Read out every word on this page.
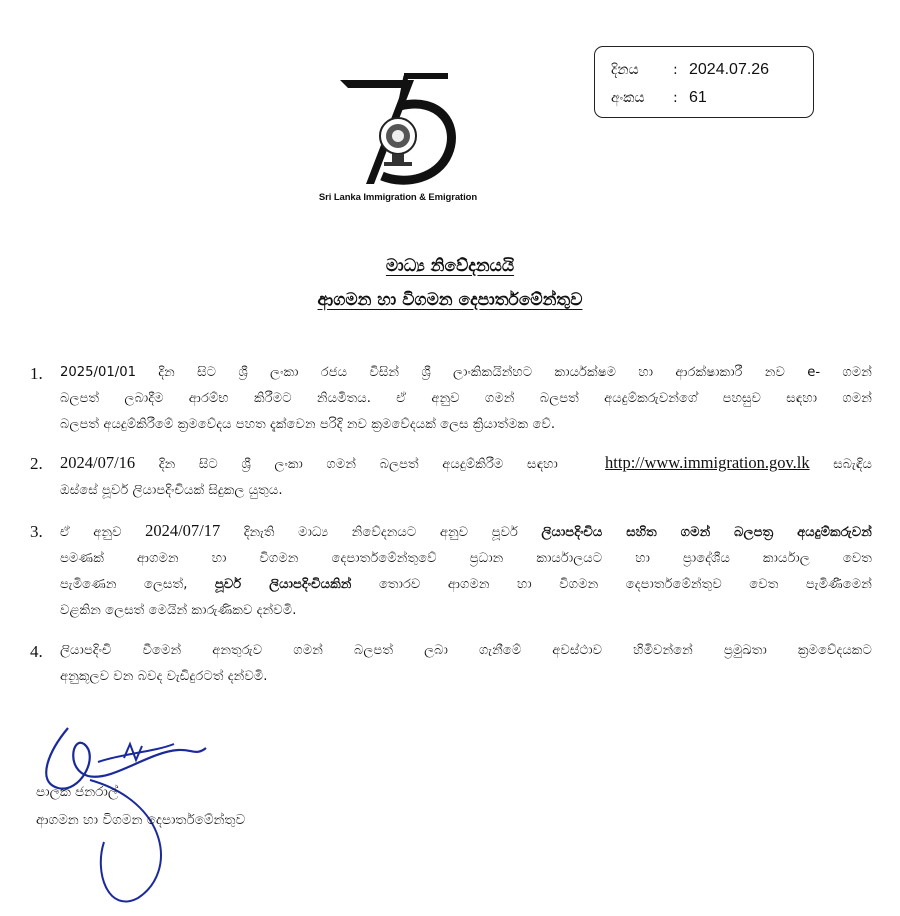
Sri Lanka Immigration & Emigration
දිනය : 2024.07.26
අංකය : 61
මාධ්‍ය නිවේදනයයි
ආගමන හා විගමන දෙපාර්තමේන්තුව
1. 2025/01/01 දින සිට ශ්‍රී ලංකා රජය විසින් ශ්‍රී ලාංකිකයින්හට කාර්යක්ෂම හා ආරක්ෂාකාරී නව e- ගමන්
බලපත් ලබාදීම ආරම්භ කිරීමට නියමිතය. ඒ අනුව ගමන් බලපත් අයදුම්කරුවන්ගේ පහසුව සඳහා ගමන්
බලපත් අයදුම්කිරීමේ ක්‍රමවේදය පහත දැක්වෙන පරිදි නව ක්‍රමවේදයක් ලෙස ක්‍රියාත්මක වේ.
2. 2024/07/16 දින සිට ශ්‍රී ලංකා ගමන් බලපත් අයදුම්කිරීම සඳහා	http://www.immigration.gov.lk සබැඳිය
ඔස්සේ පූර්ව ලියාපදිංචියක් සිදුකල යුතුය.
3. ඒ අනුව 2024/07/17 දිනැති මාධ්‍ය නිවේදනයට අනුව පූර්ව ලියාපදිංචිය සහිත ගමන් බලපත්‍ර අයදුම්කරුවන්
පමණක් ආගමන හා විගමන දෙපාර්තමේන්තුවේ ප්‍රධාන කාර්යාලයට හා ප්‍රාදේශීය කාර්යාල වෙත
පැමිණෙන ලෙසත්, පූර්ව ලියාපදිංචියකින් තොරව ආගමන හා විගමන දෙපාර්තමේන්තුව වෙත පැමිණීමෙන්
වළකින ලෙසත් මෙයින් කාරුණිකව දන්වමි.
4. ලියාපදිංචි වීමෙන් අනතුරුව ගමන් බලපත් ලබා ගැනීමේ අවස්ථාව හිමිවන්නේ ප්‍රමුඛතා ක්‍රමවේදයකට
අනුකූලව වන බවද වැඩිදුරටත් දන්වමි.
පාලක ජනරාල්
ආගමන හා විගමන දෙපාර්තමේන්තුව
